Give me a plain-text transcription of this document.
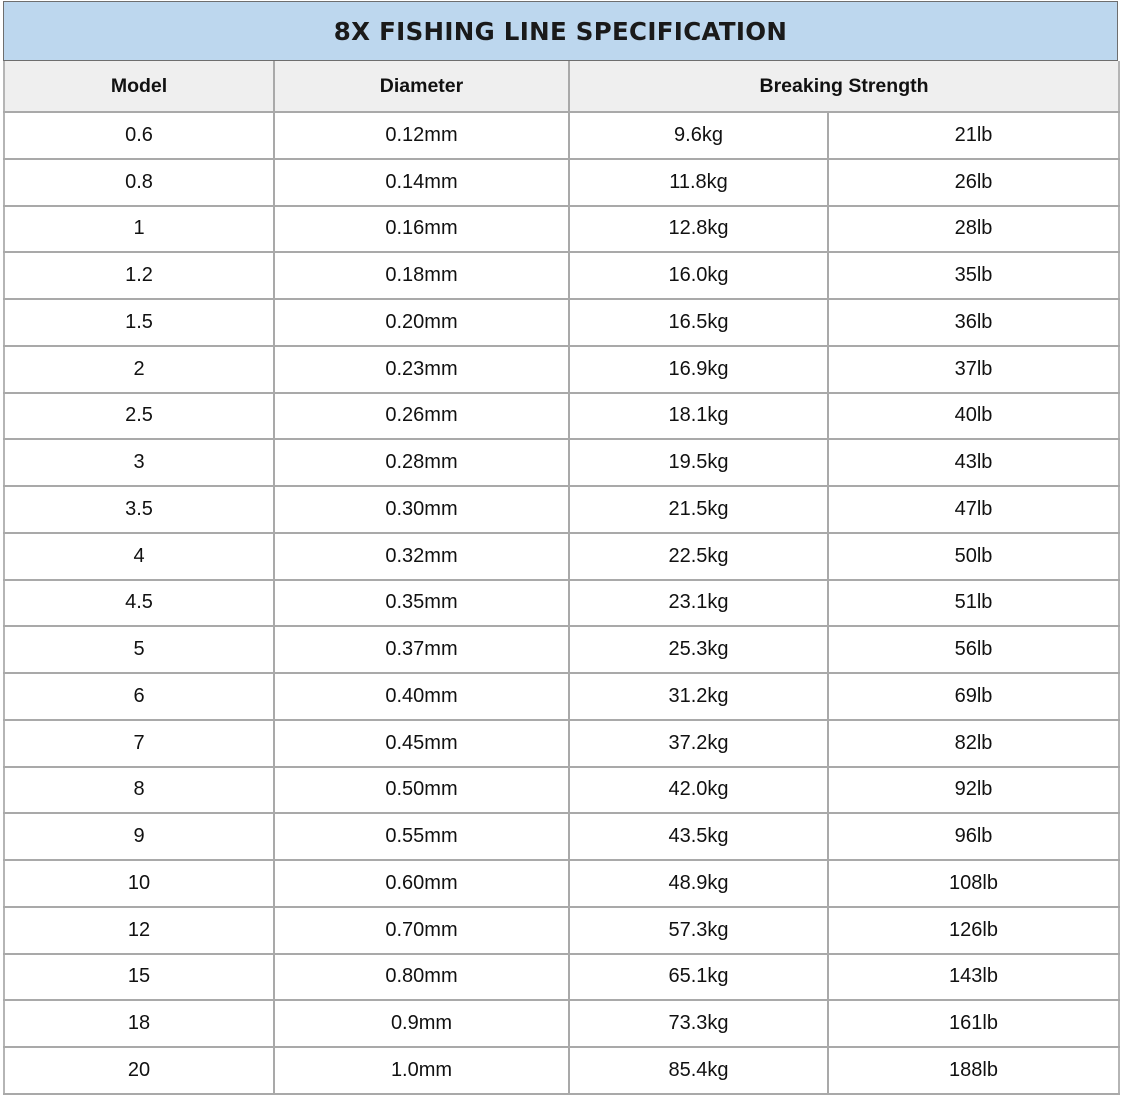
8X FISHING LINE SPECIFICATION
Model	Diameter	Breaking Strength	
0.6	0.12mm	9.6kg	21lb
0.8	0.14mm	11.8kg	26lb
1	0.16mm	12.8kg	28lb
1.2	0.18mm	16.0kg	35lb
1.5	0.20mm	16.5kg	36lb
2	0.23mm	16.9kg	37lb
2.5	0.26mm	18.1kg	40lb
3	0.28mm	19.5kg	43lb
3.5	0.30mm	21.5kg	47lb
4	0.32mm	22.5kg	50lb
4.5	0.35mm	23.1kg	51lb
5	0.37mm	25.3kg	56lb
6	0.40mm	31.2kg	69lb
7	0.45mm	37.2kg	82lb
8	0.50mm	42.0kg	92lb
9	0.55mm	43.5kg	96lb
10	0.60mm	48.9kg	108lb
12	0.70mm	57.3kg	126lb
15	0.80mm	65.1kg	143lb
18	0.9mm	73.3kg	161lb
20	1.0mm	85.4kg	188lb
